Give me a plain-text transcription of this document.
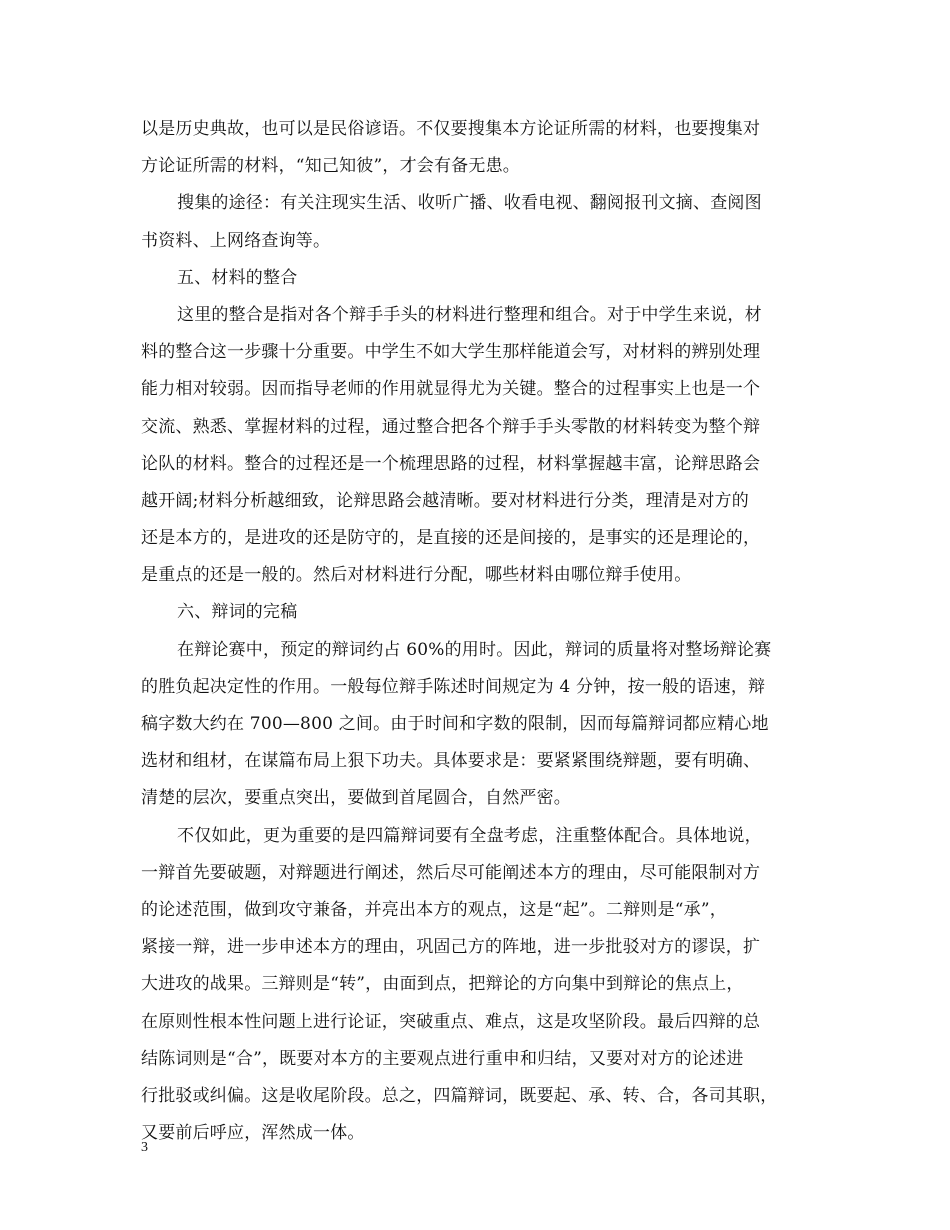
以是历史典故，也可以是民俗谚语。不仅要搜集本方论证所需的材料，也要搜集对
方论证所需的材料，“知己知彼”，才会有备无患。
搜集的途径：有关注现实生活、收听广播、收看电视、翻阅报刊文摘、查阅图
书资料、上网络查询等。
五、材料的整合
这里的整合是指对各个辩手手头的材料进行整理和组合。对于中学生来说，材
料的整合这一步骤十分重要。中学生不如大学生那样能道会写，对材料的辨别处理
能力相对较弱。因而指导老师的作用就显得尤为关键。整合的过程事实上也是一个
交流、熟悉、掌握材料的过程，通过整合把各个辩手手头零散的材料转变为整个辩
论队的材料。整合的过程还是一个梳理思路的过程，材料掌握越丰富，论辩思路会
越开阔;材料分析越细致，论辩思路会越清晰。要对材料进行分类，理清是对方的
还是本方的，是进攻的还是防守的，是直接的还是间接的，是事实的还是理论的，
是重点的还是一般的。然后对材料进行分配，哪些材料由哪位辩手使用。
六、辩词的完稿
在辩论赛中，预定的辩词约占 60%的用时。因此，辩词的质量将对整场辩论赛
的胜负起决定性的作用。一般每位辩手陈述时间规定为 4 分钟，按一般的语速，辩
稿字数大约在 700—800 之间。由于时间和字数的限制，因而每篇辩词都应精心地
选材和组材，在谋篇布局上狠下功夫。具体要求是：要紧紧围绕辩题，要有明确、
清楚的层次，要重点突出，要做到首尾圆合，自然严密。
不仅如此，更为重要的是四篇辩词要有全盘考虑，注重整体配合。具体地说，
一辩首先要破题，对辩题进行阐述，然后尽可能阐述本方的理由，尽可能限制对方
的论述范围，做到攻守兼备，并亮出本方的观点，这是“起”。二辩则是“承”，
紧接一辩，进一步申述本方的理由，巩固己方的阵地，进一步批驳对方的谬误，扩
大进攻的战果。三辩则是“转”，由面到点，把辩论的方向集中到辩论的焦点上，
在原则性根本性问题上进行论证，突破重点、难点，这是攻坚阶段。最后四辩的总
结陈词则是“合”，既要对本方的主要观点进行重申和归结，又要对对方的论述进
行批驳或纠偏。这是收尾阶段。总之，四篇辩词，既要起、承、转、合，各司其职，
又要前后呼应，浑然成一体。
3
